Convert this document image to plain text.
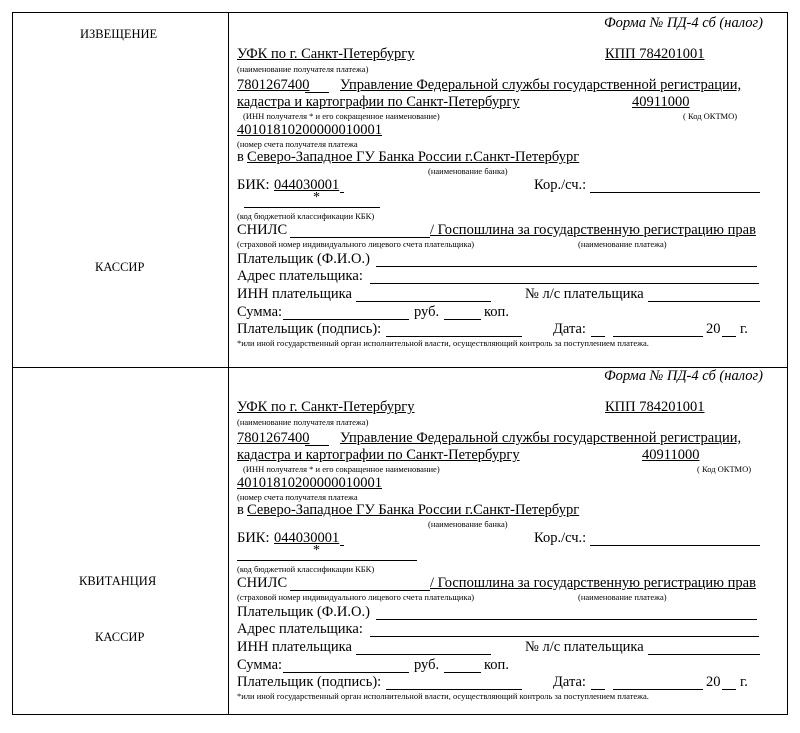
ИЗВЕЩЕНИЕ
КАССИР
КВИТАНЦИЯ
КАССИР
Форма № ПД-4 сб (налог)
УФК по г. Санкт-Петербургу	КПП 784201001
(наименование получателя платежа)
7801267400 Управление Федеральной службы государственной регистрации,
кадастра и картографии по Санкт-Петербургу	40911000
(ИНН получателя * и его сокращенное наименование)	( Код ОКТМО)
40101810200000010001
(номер счета получателя платежа
в Северо-Западное ГУ Банка России г.Санкт-Петербург
(наименование банка)
БИК: 044030001	Кор./сч.:
*
(код бюджетной классификации КБК)
СНИЛС	/ Госпошлина за государственную регистрацию прав
(страховой номер индивидуального лицевого счета плательщика)	(наименование платежа)
Плательщик (Ф.И.О.)
Адрес плательщика:
ИНН плательщика	№ л/с плательщика
Сумма:	руб.	коп.
Плательщик (подпись):	Дата:	20 г.
*или иной государственный орган исполнительной власти, осуществляющий контроль за поступлением платежа.
Форма № ПД-4 сб (налог)
УФК по г. Санкт-Петербургу	КПП 784201001
(наименование получателя платежа)
7801267400 Управление Федеральной службы государственной регистрации,
кадастра и картографии по Санкт-Петербургу	40911000
(ИНН получателя * и его сокращенное наименование)	( Код ОКТМО)
40101810200000010001
(номер счета получателя платежа
в Северо-Западное ГУ Банка России г.Санкт-Петербург
(наименование банка)
БИК: 044030001	Кор./сч.:
*
(код бюджетной классификации КБК)
СНИЛС	/ Госпошлина за государственную регистрацию прав
(страховой номер индивидуального лицевого счета плательщика)	(наименование платежа)
Плательщик (Ф.И.О.)
Адрес плательщика:
ИНН плательщика	№ л/с плательщика
Сумма:	руб.	коп.
Плательщик (подпись):	Дата:	20 г.
*или иной государственный орган исполнительной власти, осуществляющий контроль за поступлением платежа.
